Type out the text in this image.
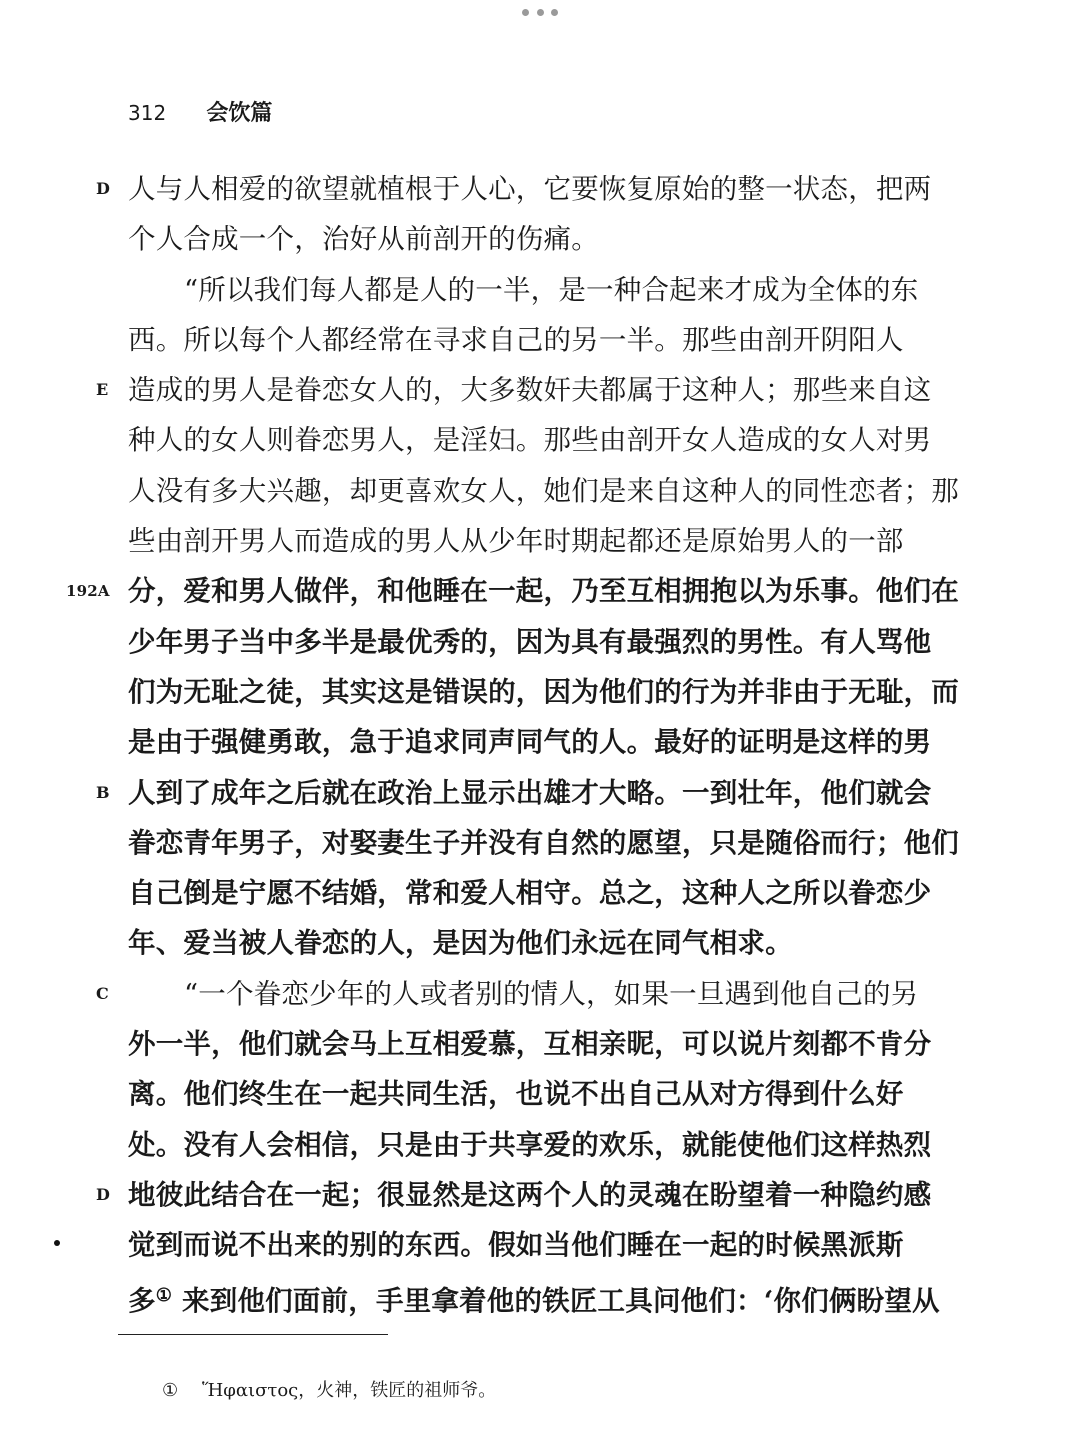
312 会饮篇
D 人与人相爱的欲望就植根于人心，它要恢复原始的整一状态，把两
个人合成一个，治好从前剖开的伤痛。
“所以我们每人都是人的一半，是一种合起来才成为全体的东
西。所以每个人都经常在寻求自己的另一半。那些由剖开阴阳人
E 造成的男人是眷恋女人的，大多数奸夫都属于这种人；那些来自这
种人的女人则眷恋男人，是淫妇。那些由剖开女人造成的女人对男
人没有多大兴趣，却更喜欢女人，她们是来自这种人的同性恋者；那
些由剖开男人而造成的男人从少年时期起都还是原始男人的一部
192A 分，爱和男人做伴，和他睡在一起，乃至互相拥抱以为乐事。他们在
少年男子当中多半是最优秀的，因为具有最强烈的男性。有人骂他
们为无耻之徒，其实这是错误的，因为他们的行为并非由于无耻，而
是由于强健勇敢，急于追求同声同气的人。最好的证明是这样的男
B 人到了成年之后就在政治上显示出雄才大略。一到壮年，他们就会
眷恋青年男子，对娶妻生子并没有自然的愿望，只是随俗而行；他们
自己倒是宁愿不结婚，常和爱人相守。总之，这种人之所以眷恋少
年、爱当被人眷恋的人，是因为他们永远在同气相求。
C	“一个眷恋少年的人或者别的情人，如果一旦遇到他自己的另
外一半，他们就会马上互相爱慕，互相亲昵，可以说片刻都不肯分
离。他们终生在一起共同生活，也说不出自己从对方得到什么好
处。没有人会相信，只是由于共享爱的欢乐，就能使他们这样热烈
D 地彼此结合在一起；很显然是这两个人的灵魂在盼望着一种隐约感
觉到而说不出来的别的东西。假如当他们睡在一起的时候黑派斯
多① 来到他们面前，手里拿着他的铁匠工具问他们：‘你们俩盼望从
① Ἥφαιστος，火神，铁匠的祖师爷。
